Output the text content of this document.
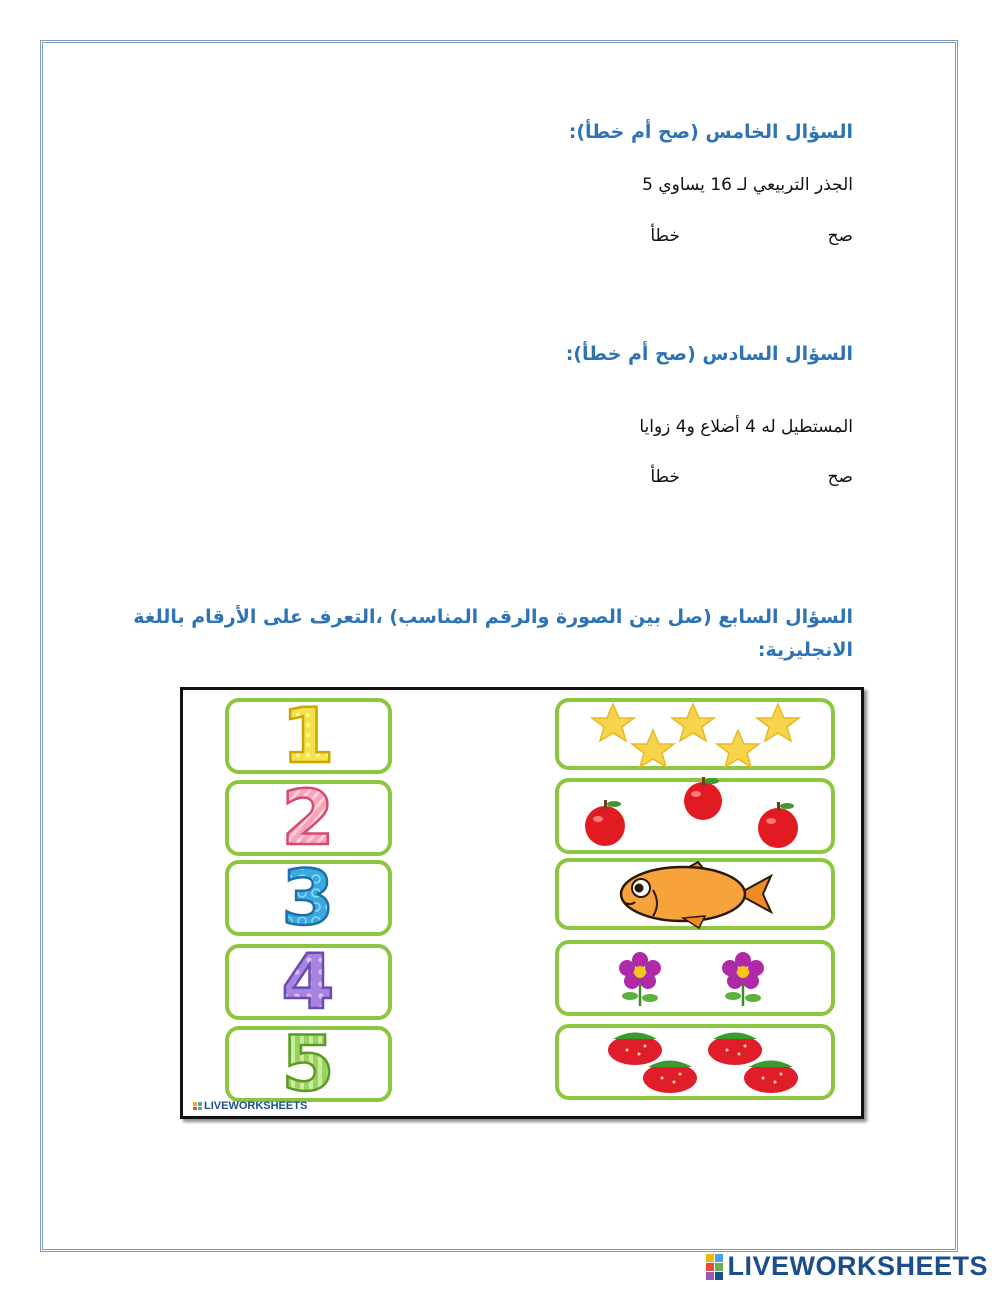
السؤال الخامس (صح أم خطأ):
الجذر التربيعي لـ 16 يساوي 5
صح
خطأ
السؤال السادس (صح أم خطأ):
المستطيل له 4 أضلاع و4 زوايا
صح
خطأ
السؤال السابع (صل بين الصورة والرقم المناسب) ،التعرف على الأرقام باللغة
الانجليزية:
1
2
3
4
5
LIVEWORKSHEETS
LIVEWORKSHEETS
